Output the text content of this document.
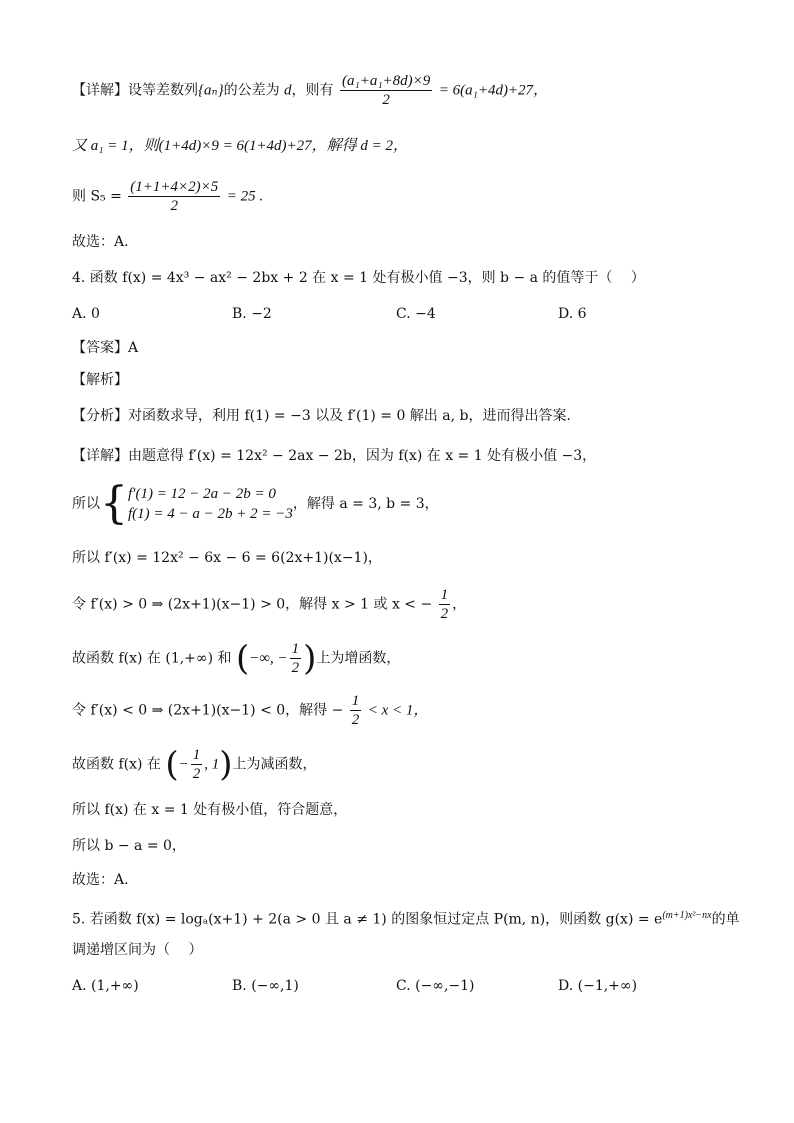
【详解】设等差数列{aₙ}的公差为 d，则有 $\frac{\text{(a₁+a₁+8d)×9}}{2} = 6(a_1+4d)+27$，
又 a₁ = 1，则(1+4d)×9 = 6(1+4d)+27，解得 d = 2，
则 $S_5 = \frac{(1+1+4\times 2)\times 5}{2} = 25$ .
故选：A.
4. 函数 f(x) = 4x³ − ax² − 2bx + 2 在 x = 1 处有极小值 −3，则 b − a 的值等于（　 ）
A. 0	B. −2	C. −4	D. 6
【答案】A
【解析】
【分析】对函数求导，利用 f(1) = −3 以及 f′(1) = 0 解出 a, b，进而得出答案．
【详解】由题意得 f′(x) = 12x² − 2ax − 2b，因为 f(x) 在 x = 1 处有极小值 −3，
所以{ f′(1) = 12 − 2a − 2b = 0
f(1) = 4 − a − 2b + 2 = −3
，解得 a = 3, b = 3，
所以 f′(x) = 12x² − 6x − 6 = 6(2x+1)(x−1)，
令 f′(x) > 0 ⇒ (2x+1)(x−1) > 0，解得 x > 1 或 x < − $\frac{1}{2}$ ，
故函数 f(x) 在 (1,+∞) 和 (−∞, − $\frac{1}{2}$ )上为增函数，
令 f′(x) < 0 ⇒ (2x+1)(x−1) < 0，解得 − $\frac{1}{2} < x < 1$，
故函数 f(x) 在 (− $\frac{1}{2}$ , 1)上为减函数，
所以 f(x) 在 x = 1 处有极小值，符合题意，
所以 b − a = 0，
故选：A.
5. 若函数 f(x) = logₐ(x+1) + 2(a > 0 且 a ≠ 1) 的图象恒过定点 P(m, n)，则函数 $g(x) = e^{(m+1)x^2-nx}$的单
调递增区间为（　 ）
A. (1,+∞)	B. (−∞,1)	C. (−∞,−1)	D. (−1,+∞)
